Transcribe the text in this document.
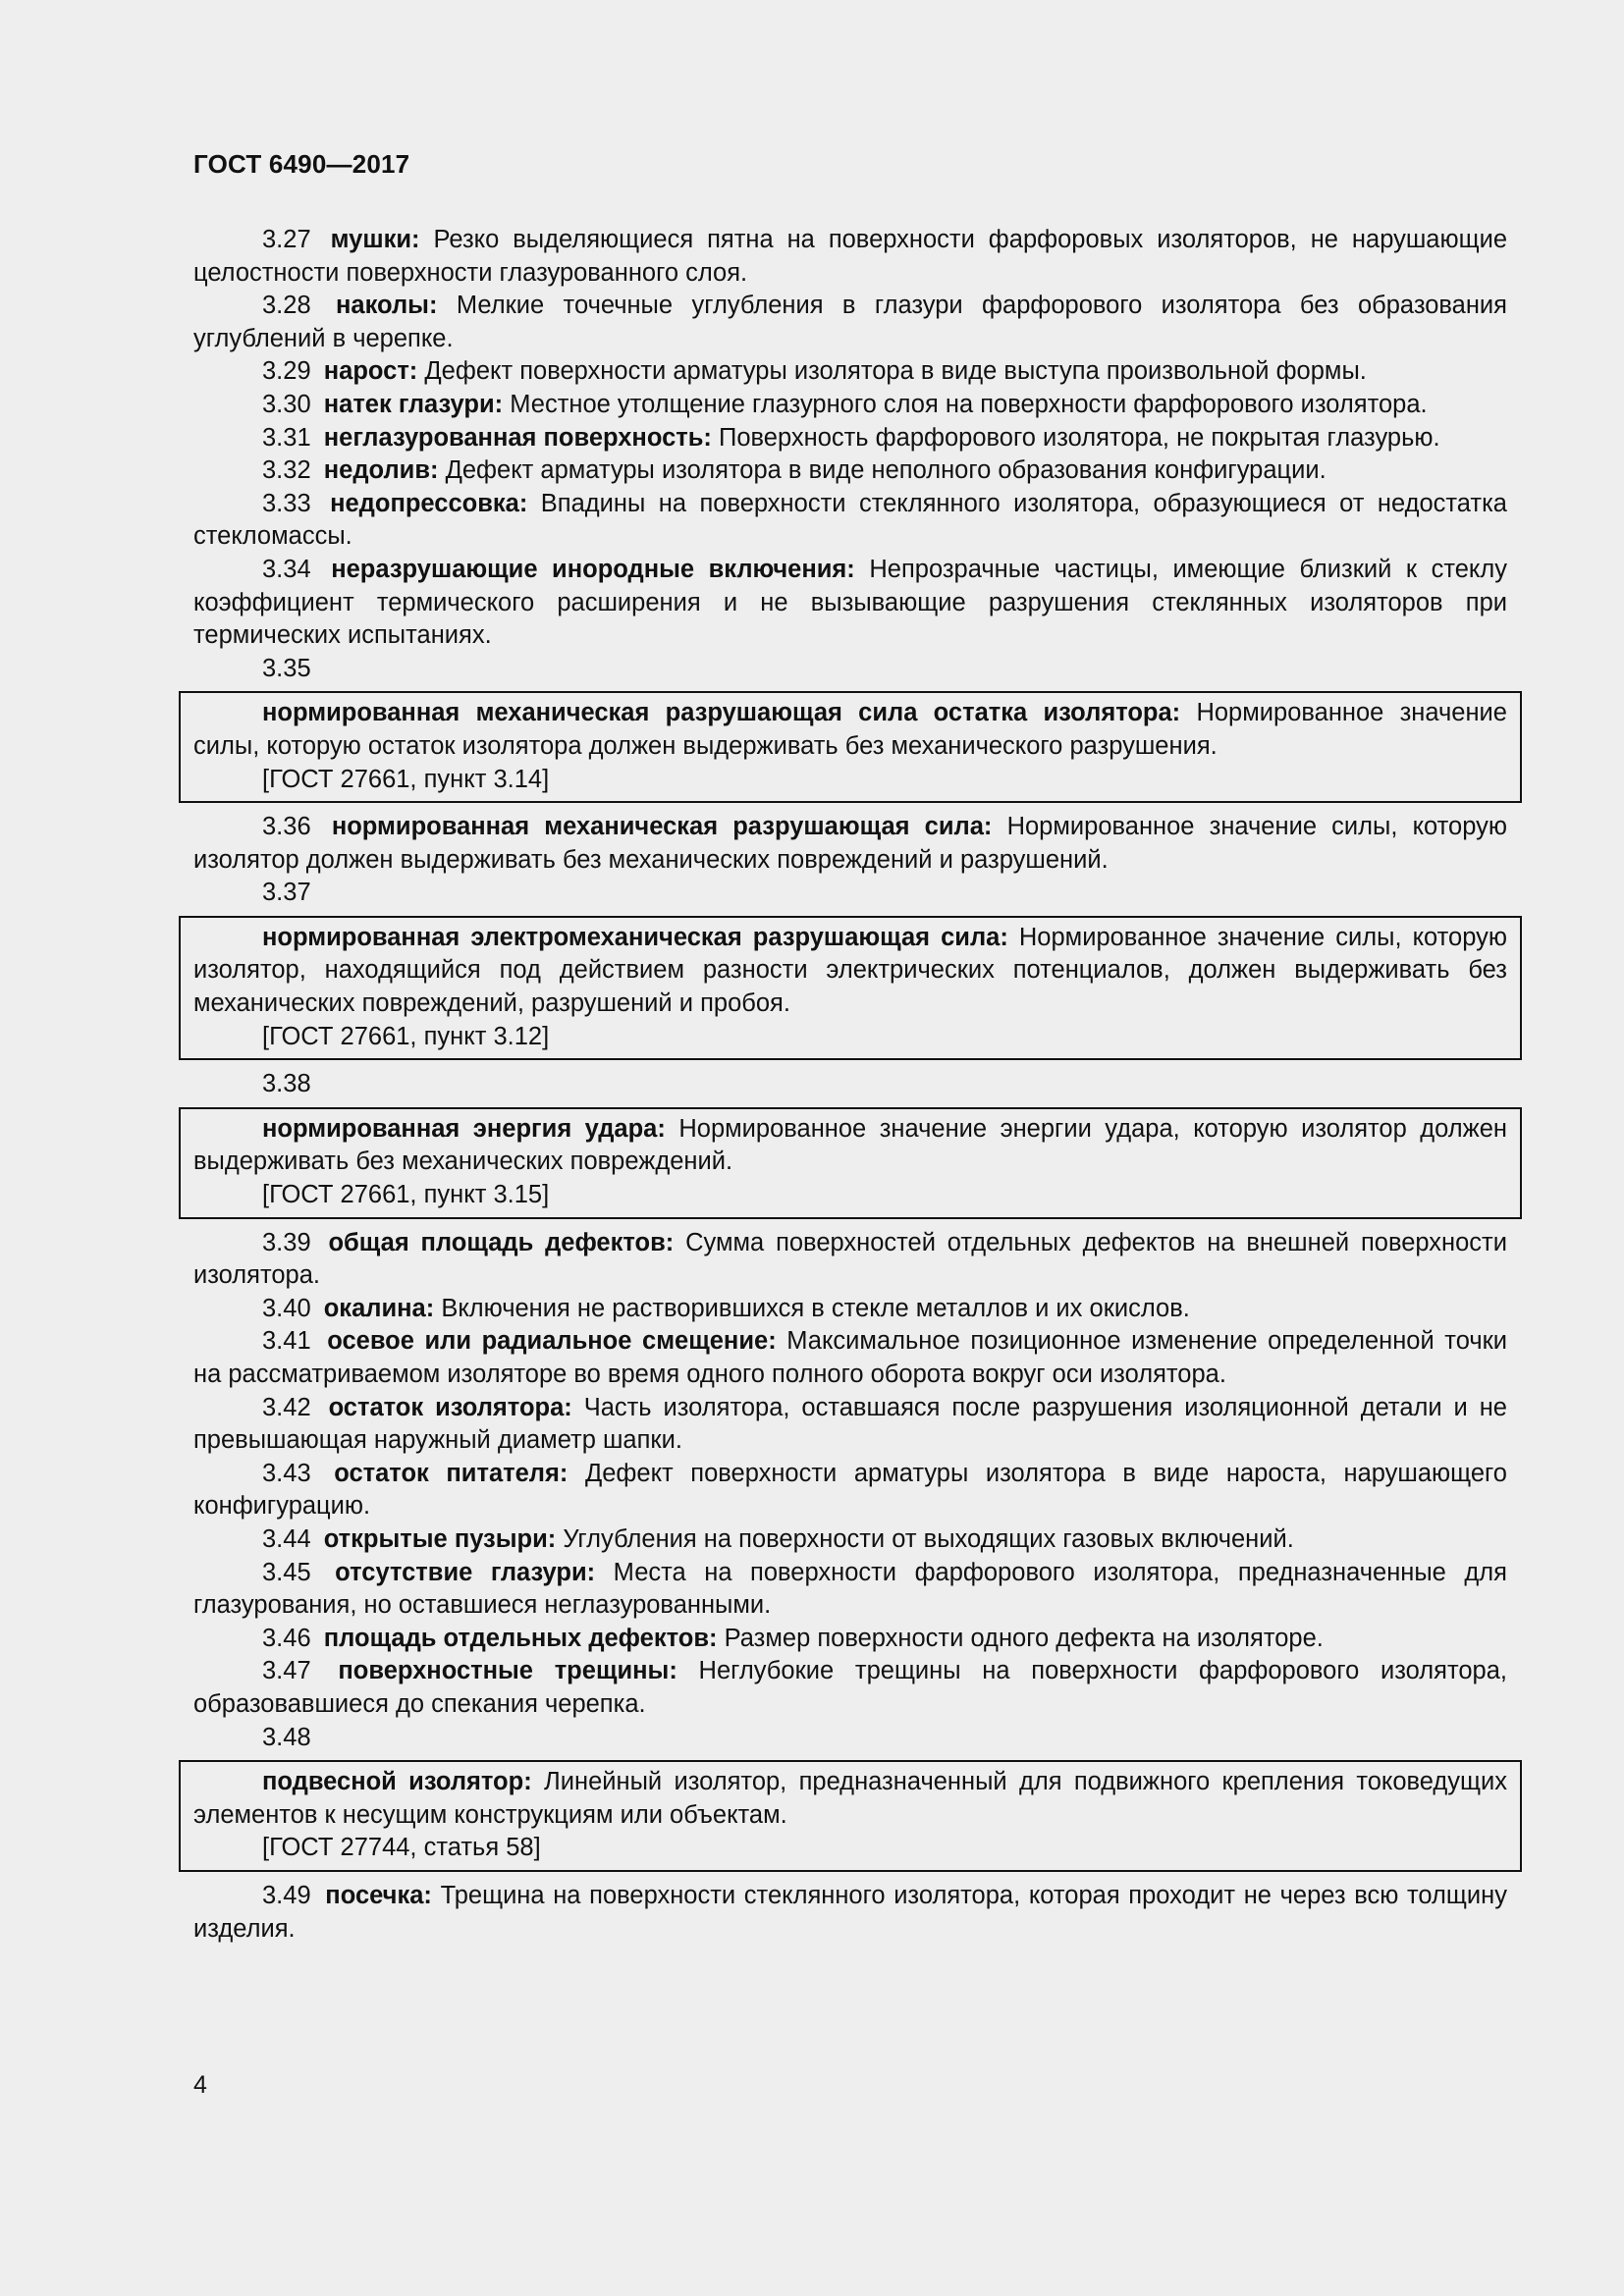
ГОСТ 6490—2017

3.27 мушки: Резко выделяющиеся пятна на поверхности фарфоровых изоляторов, не нарушающие целостности поверхности глазурованного слоя.

3.28 наколы: Мелкие точечные углубления в глазури фарфорового изолятора без образования углублений в черепке.

3.29 нарост: Дефект поверхности арматуры изолятора в виде выступа произвольной формы.

3.30 натек глазури: Местное утолщение глазурного слоя на поверхности фарфорового изолятора.

3.31 неглазурованная поверхность: Поверхность фарфорового изолятора, не покрытая глазурью.

3.32 недолив: Дефект арматуры изолятора в виде неполного образования конфигурации.

3.33 недопрессовка: Впадины на поверхности стеклянного изолятора, образующиеся от недостатка стекломассы.

3.34 неразрушающие инородные включения: Непрозрачные частицы, имеющие близкий к стеклу коэффициент термического расширения и не вызывающие разрушения стеклянных изоляторов при термических испытаниях.

3.35

нормированная механическая разрушающая сила остатка изолятора: Нормированное значение силы, которую остаток изолятора должен выдерживать без механического разрушения.

[ГОСТ 27661, пункт 3.14]

3.36 нормированная механическая разрушающая сила: Нормированное значение силы, которую изолятор должен выдерживать без механических повреждений и разрушений.

3.37

нормированная электромеханическая разрушающая сила: Нормированное значение силы, которую изолятор, находящийся под действием разности электрических потенциалов, должен выдерживать без механических повреждений, разрушений и пробоя.

[ГОСТ 27661, пункт 3.12]

3.38

нормированная энергия удара: Нормированное значение энергии удара, которую изолятор должен выдерживать без механических повреждений.

[ГОСТ 27661, пункт 3.15]

3.39 общая площадь дефектов: Сумма поверхностей отдельных дефектов на внешней поверхности изолятора.

3.40 окалина: Включения не растворившихся в стекле металлов и их окислов.

3.41 осевое или радиальное смещение: Максимальное позиционное изменение определенной точки на рассматриваемом изоляторе во время одного полного оборота вокруг оси изолятора.

3.42 остаток изолятора: Часть изолятора, оставшаяся после разрушения изоляционной детали и не превышающая наружный диаметр шапки.

3.43 остаток питателя: Дефект поверхности арматуры изолятора в виде нароста, нарушающего конфигурацию.

3.44 открытые пузыри: Углубления на поверхности от выходящих газовых включений.

3.45 отсутствие глазури: Места на поверхности фарфорового изолятора, предназначенные для глазурования, но оставшиеся неглазурованными.

3.46 площадь отдельных дефектов: Размер поверхности одного дефекта на изоляторе.

3.47 поверхностные трещины: Неглубокие трещины на поверхности фарфорового изолятора, образовавшиеся до спекания черепка.

3.48

подвесной изолятор: Линейный изолятор, предназначенный для подвижного крепления токоведущих элементов к несущим конструкциям или объектам.

[ГОСТ 27744, статья 58]

3.49 посечка: Трещина на поверхности стеклянного изолятора, которая проходит не через всю толщину изделия.

4
